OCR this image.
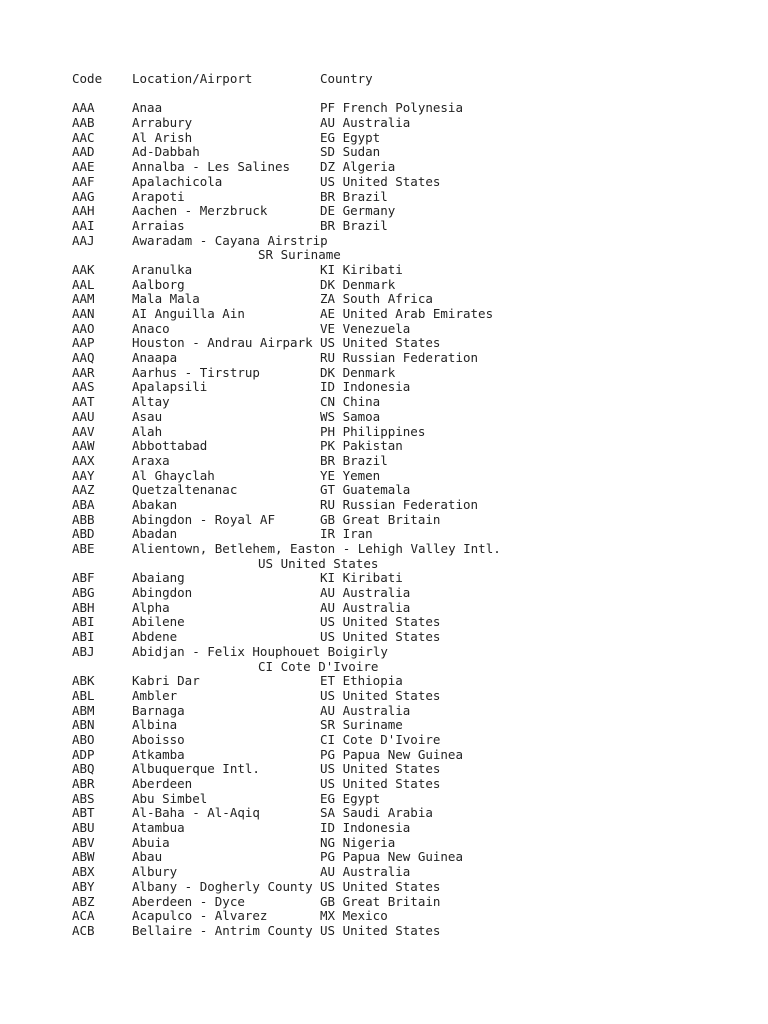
Code Location/Airport	Country
AAA	Anaa	PF French Polynesia
AAB	Arrabury	AU Australia
AAC	Al Arish	EG Egypt
AAD	Ad-Dabbah	SD Sudan
AAE	Annalba - Les Salines DZ Algeria
AAF	Apalachicola	US United States
AAG	Arapoti	BR Brazil
AAH	Aachen - Merzbruck	DE Germany
AAI	Arraias	BR Brazil
AAJ	Awaradam - Cayana Airstrip
SR Suriname
AAK	Aranulka	KI Kiribati
AAL	Aalborg	DK Denmark
AAM	Mala Mala	ZA South Africa
AAN	AI Anguilla Ain	AE United Arab Emirates
AAO	Anaco	VE Venezuela
AAP	Houston - Andrau Airpark US United States
AAQ	Anaapa	RU Russian Federation
AAR	Aarhus - Tirstrup	DK Denmark
AAS	Apalapsili	ID Indonesia
AAT	Altay	CN China
AAU	Asau	WS Samoa
AAV	Alah	PH Philippines
AAW	Abbottabad	PK Pakistan
AAX	Araxa	BR Brazil
AAY	Al Ghayclah	YE Yemen
AAZ	Quetzaltenanac	GT Guatemala
ABA	Abakan	RU Russian Federation
ABB	Abingdon - Royal AF	GB Great Britain
ABD	Abadan	IR Iran
ABE	Alientown, Betlehem, Easton - Lehigh Valley Intl.
US United States
ABF	Abaiang	KI Kiribati
ABG	Abingdon	AU Australia
ABH	Alpha	AU Australia
ABI	Abilene	US United States
ABI	Abdene	US United States
ABJ	Abidjan - Felix Houphouet Boigirly
CI Cote D'Ivoire
ABK	Kabri Dar	ET Ethiopia
ABL	Ambler	US United States
ABM	Barnaga	AU Australia
ABN	Albina	SR Suriname
ABO	Aboisso	CI Cote D'Ivoire
ADP	Atkamba	PG Papua New Guinea
ABQ	Albuquerque Intl.	US United States
ABR	Aberdeen	US United States
ABS	Abu Simbel	EG Egypt
ABT	Al-Baha - Al-Aqiq	SA Saudi Arabia
ABU	Atambua	ID Indonesia
ABV	Abuia	NG Nigeria
ABW	Abau	PG Papua New Guinea
ABX	Albury	AU Australia
ABY	Albany - Dogherly County US United States
ABZ	Aberdeen - Dyce	GB Great Britain
ACA	Acapulco - Alvarez	MX Mexico
ACB	Bellaire - Antrim County US United States
